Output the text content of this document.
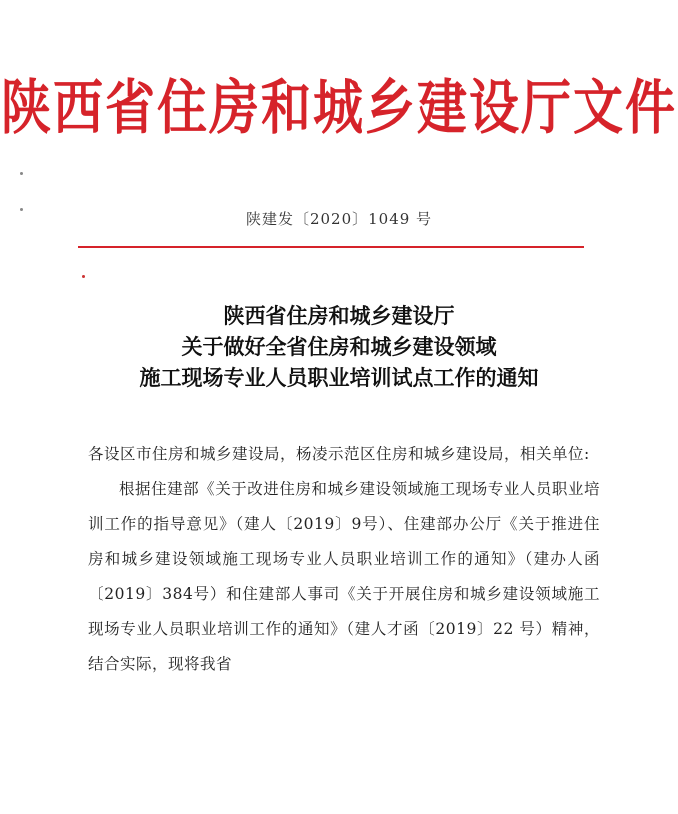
陕西省住房和城乡建设厅文件
陕建发〔2020〕1049 号
陕西省住房和城乡建设厅
关于做好全省住房和城乡建设领域
施工现场专业人员职业培训试点工作的通知

各设区市住房和城乡建设局，杨凌示范区住房和城乡建设局，相关单位:

根据住建部《关于改进住房和城乡建设领域施工现场专业人员职业培训工作的指导意见》（建人〔2019〕9号）、住建部办公厅《关于推进住房和城乡建设领域施工现场专业人员职业培训工作的通知》（建办人函〔2019〕384号）和住建部人事司《关于开展住房和城乡建设领域施工现场专业人员职业培训工作的通知》（建人才函〔2019〕22 号）精神，结合实际，现将我省
